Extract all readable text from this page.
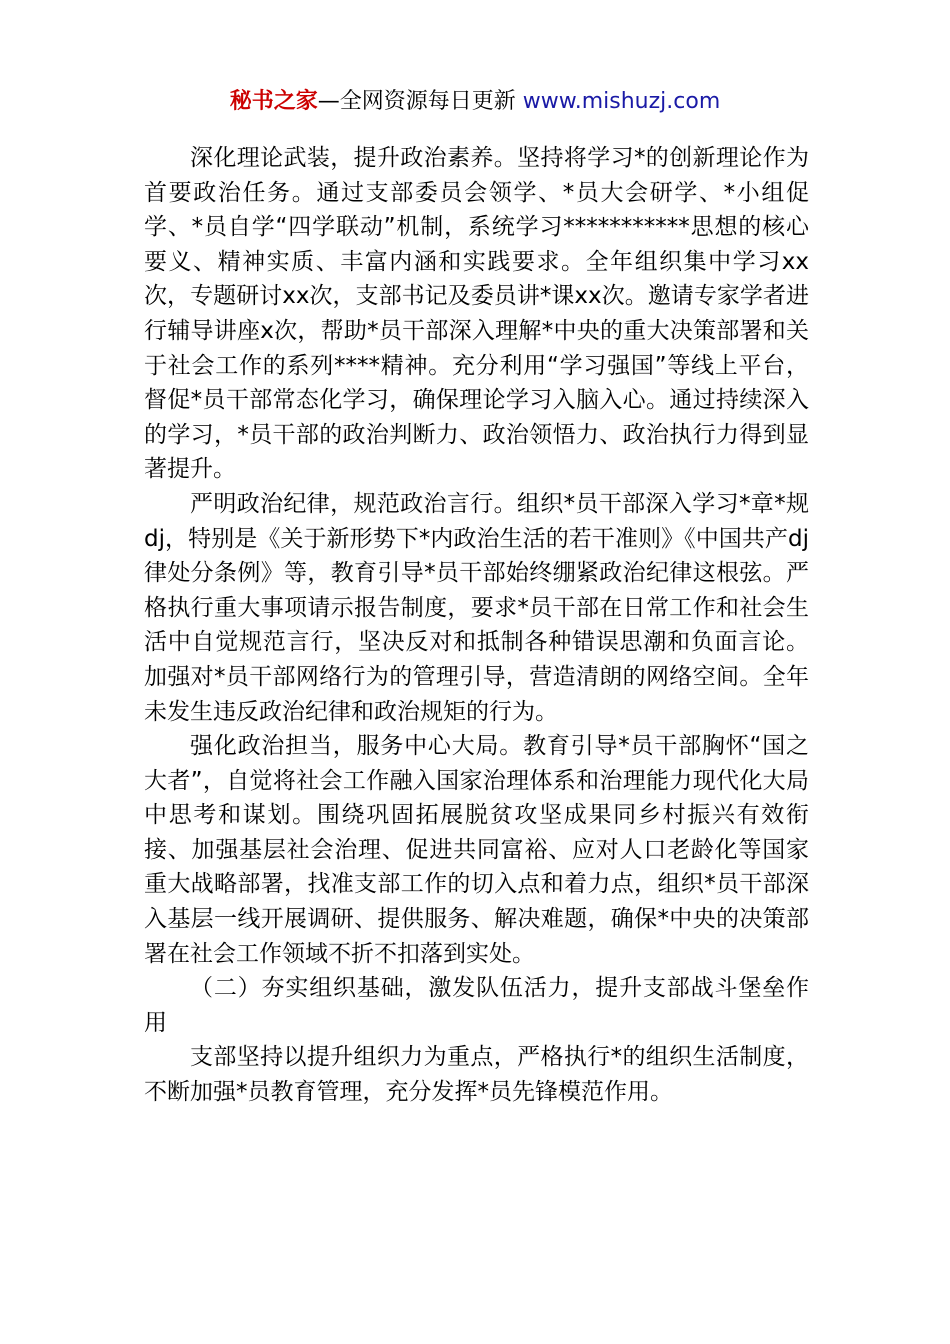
秘书之家—全网资源每日更新 www.mishuzj.com

深化理论武装，提升政治素养。坚持将学习*的创新理论作为首要政治任务。通过支部委员会领学、*员大会研学、*小组促学、*员自学“四学联动”机制，系统学习***********思想的核心要义、精神实质、丰富内涵和实践要求。全年组织集中学习xx次，专题研讨xx次，支部书记及委员讲*课xx次。邀请专家学者进行辅导讲座x次，帮助*员干部深入理解*中央的重大决策部署和关于社会工作的系列****精神。充分利用“学习强国”等线上平台，督促*员干部常态化学习，确保理论学习入脑入心。通过持续深入的学习，*员干部的政治判断力、政治领悟力、政治执行力得到显著提升。

严明政治纪律，规范政治言行。组织*员干部深入学习*章*规dj，特别是《关于新形势下*内政治生活的若干准则》《中国共产dj律处分条例》等，教育引导*员干部始终绷紧政治纪律这根弦。严格执行重大事项请示报告制度，要求*员干部在日常工作和社会生活中自觉规范言行，坚决反对和抵制各种错误思潮和负面言论。加强对*员干部网络行为的管理引导，营造清朗的网络空间。全年未发生违反政治纪律和政治规矩的行为。

强化政治担当，服务中心大局。教育引导*员干部胸怀“国之大者”，自觉将社会工作融入国家治理体系和治理能力现代化大局中思考和谋划。围绕巩固拓展脱贫攻坚成果同乡村振兴有效衔接、加强基层社会治理、促进共同富裕、应对人口老龄化等国家重大战略部署，找准支部工作的切入点和着力点，组织*员干部深入基层一线开展调研、提供服务、解决难题，确保*中央的决策部署在社会工作领域不折不扣落到实处。

（二）夯实组织基础，激发队伍活力，提升支部战斗堡垒作用

支部坚持以提升组织力为重点，严格执行*的组织生活制度，不断加强*员教育管理，充分发挥*员先锋模范作用。
